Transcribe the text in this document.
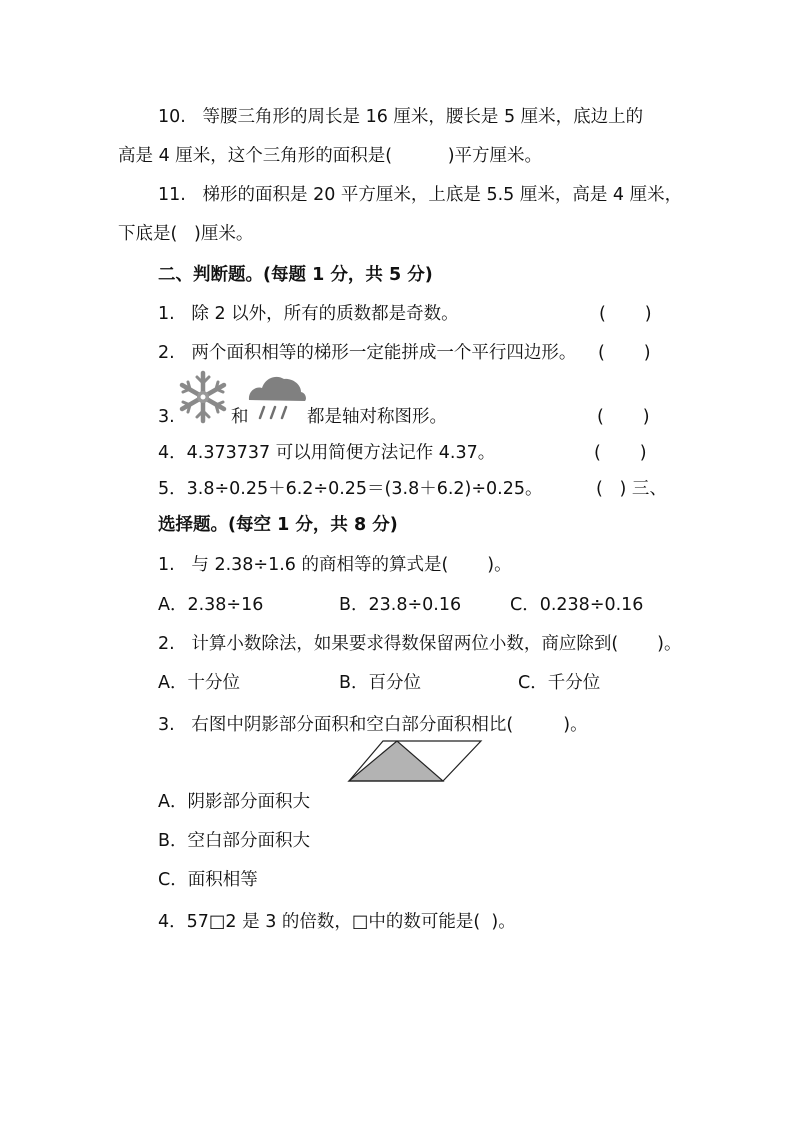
10.   等腰三角形的周长是 16 厘米，腰长是 5 厘米，底边上的
高是 4 厘米，这个三角形的面积是(          )平方厘米。
11.   梯形的面积是 20 平方厘米，上底是 5.5 厘米，高是 4 厘米，
下底是(   )厘米。
二、判断题。(每题 1 分，共 5 分)
1.   除 2 以外，所有的质数都是奇数。	(       )
2.   两个面积相等的梯形一定能拼成一个平行四边形。 (       )
3.	和	都是轴对称图形。	(       )
4．4.373737 可以用简便方法记作 4.37。	(       )
5．3.8÷0.25＋6.2÷0.25＝(3.8＋6.2)÷0.25。	(   ) 三、
选择题。(每空 1 分，共 8 分)
1.   与 2.38÷1.6 的商相等的算式是(       )。
A．2.38÷16	B．23.8÷0.16	C．0.238÷0.16
2.   计算小数除法，如果要求得数保留两位小数，商应除到(       )。
A．十分位	B．百分位	C．千分位
3.   右图中阴影部分面积和空白部分面积相比(         )。
A．阴影部分面积大
B．空白部分面积大
C．面积相等
4．57□2 是 3 的倍数，□中的数可能是(  )。
